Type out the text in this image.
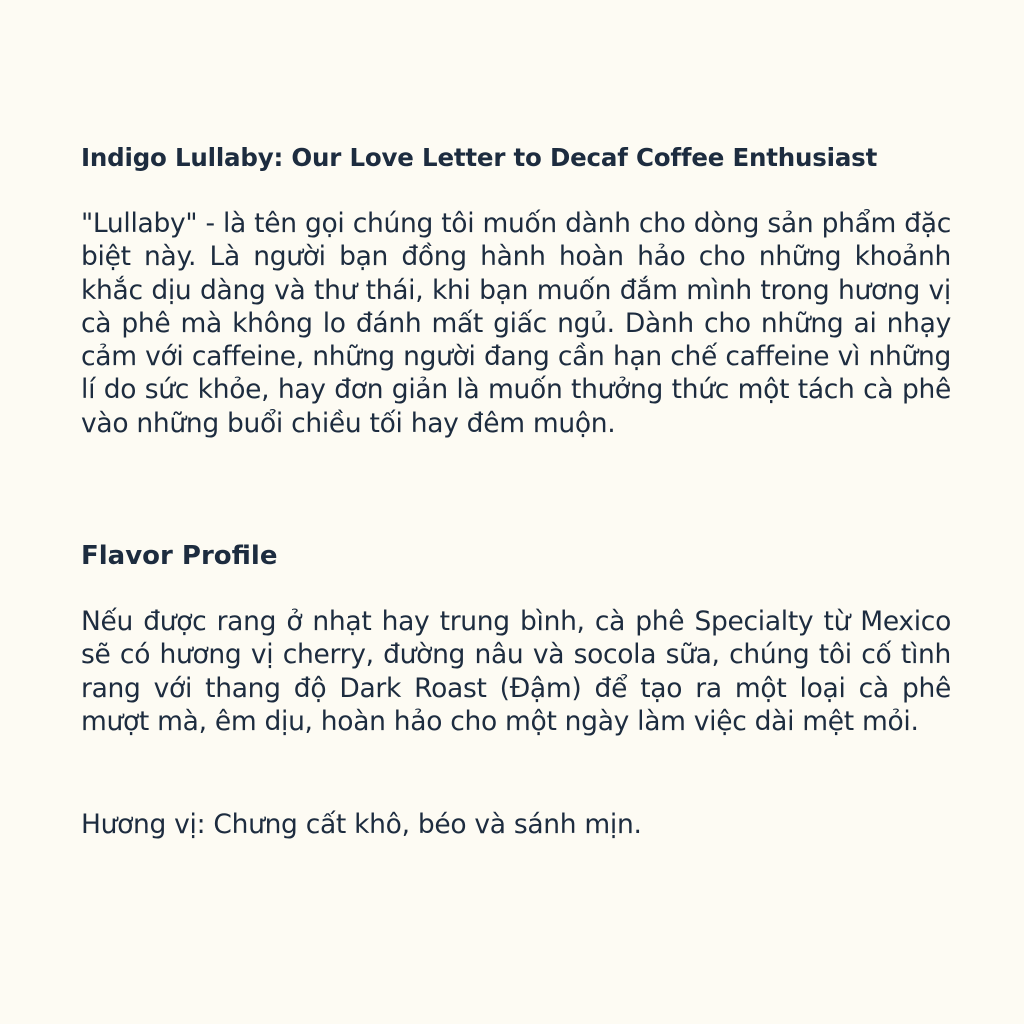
Indigo Lullaby: Our Love Letter to Decaf Coffee Enthusiast

"Lullaby" - là tên gọi chúng tôi muốn dành cho dòng sản phẩm đặc biệt này. Là người bạn đồng hành hoàn hảo cho những khoảnh khắc dịu dàng và thư thái, khi bạn muốn đắm mình trong hương vị cà phê mà không lo đánh mất giấc ngủ. Dành cho những ai nhạy cảm với caffeine, những người đang cần hạn chế caffeine vì những lí do sức khỏe, hay đơn giản là muốn thưởng thức một tách cà phê vào những buổi chiều tối hay đêm muộn.

Flavor Profile

Nếu được rang ở nhạt hay trung bình, cà phê Specialty từ Mexico sẽ có hương vị cherry, đường nâu và socola sữa, chúng tôi cố tình rang với thang độ Dark Roast (Đậm) để tạo ra một loại cà phê mượt mà, êm dịu, hoàn hảo cho một ngày làm việc dài mệt mỏi.

Hương vị: Chưng cất khô, béo và sánh mịn.
